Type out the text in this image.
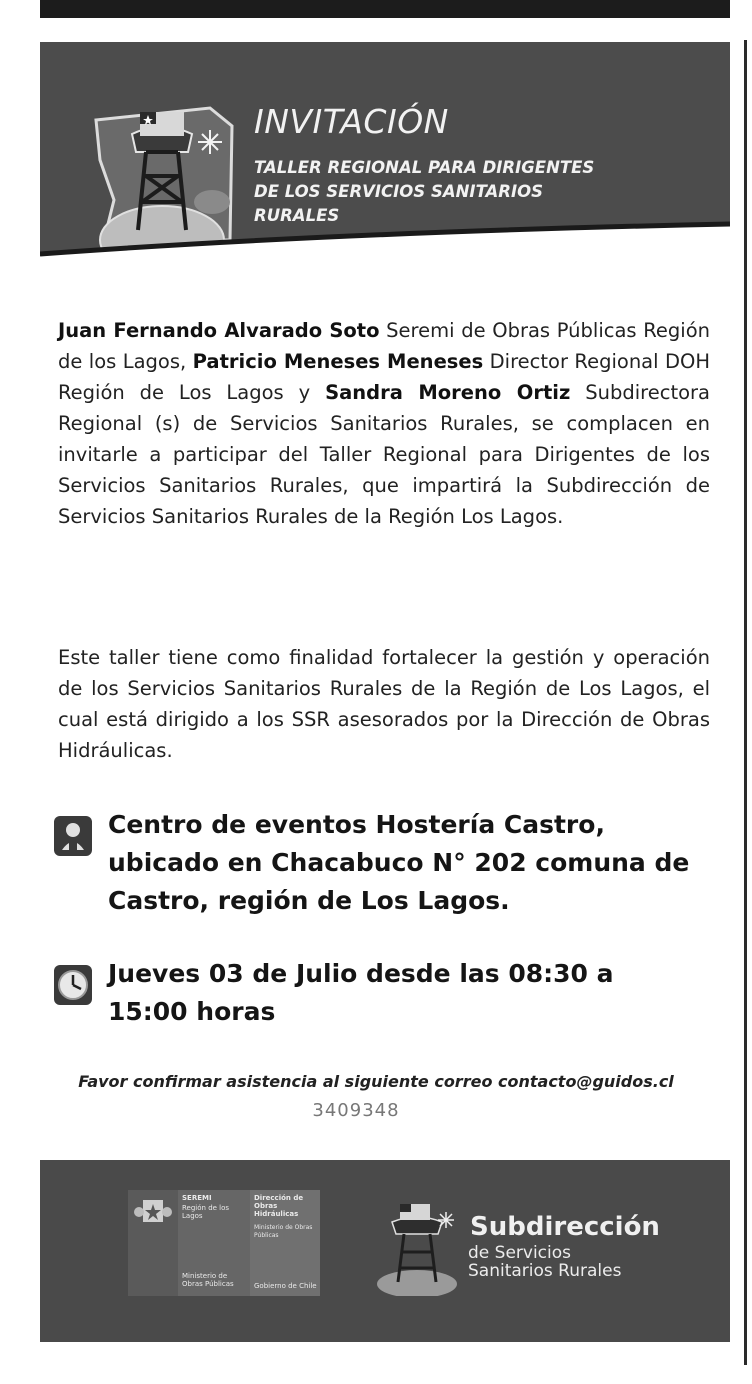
INVITACIÓN
TALLER REGIONAL PARA DIRIGENTES
DE LOS SERVICIOS SANITARIOS
RURALES

Juan Fernando Alvarado Soto Seremi de Obras Públicas Región de los Lagos, Patricio Meneses Meneses Director Regional DOH Región de Los Lagos y Sandra Moreno Ortiz Subdirectora Regional (s) de Servicios Sanitarios Rurales, se complacen en invitarle a participar del Taller Regional para Dirigentes de los Servicios Sanitarios Rurales, que impartirá la Subdirección de Servicios Sanitarios Rurales de la Región Los Lagos.

Este taller tiene como finalidad fortalecer la gestión y operación de los Servicios Sanitarios Rurales de la Región de Los Lagos, el cual está dirigido a los SSR asesorados por la Dirección de Obras Hidráulicas.

Centro de eventos Hostería Castro,
ubicado en Chacabuco N° 202 comuna de
Castro, región de Los Lagos.
Jueves 03 de Julio desde las 08:30 a
15:00 horas
Favor confirmar asistencia al siguiente correo contacto@guidos.cl
3409348
SEREMI
Región de los Lagos
Ministerio de Obras Públicas
Dirección de Obras Hidráulicas
Ministerio de Obras Públicas
Gobierno de Chile
Subdirección
de Servicios
Sanitarios Rurales
